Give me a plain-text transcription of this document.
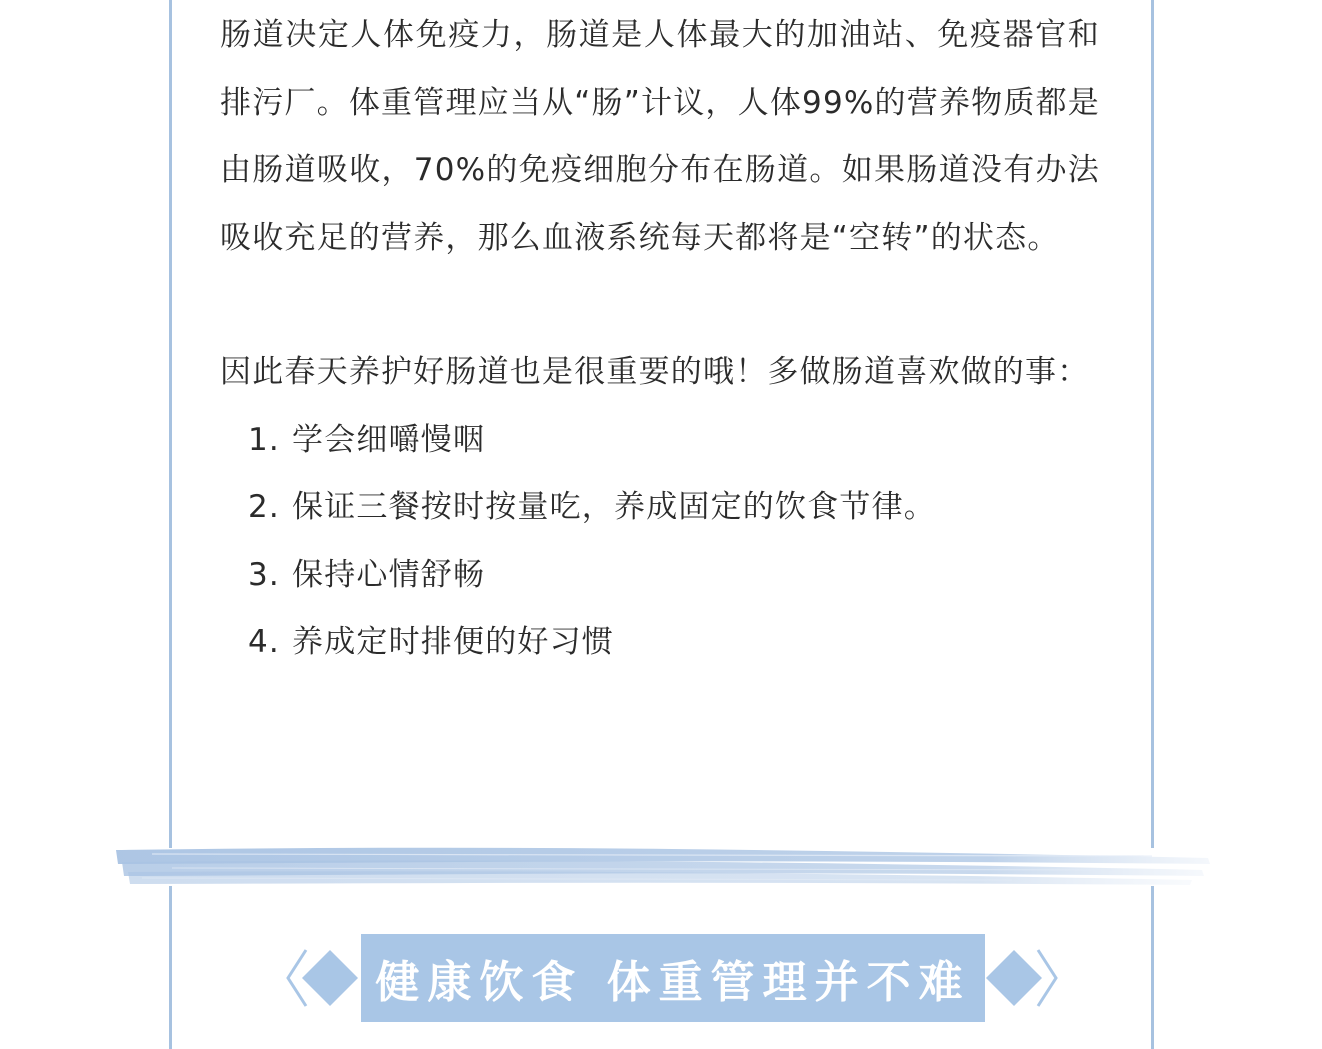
肠道决定人体免疫力，肠道是人体最大的加油站、免疫器官和排污厂。体重管理应当从“肠”计议，人体99%的营养物质都是由肠道吸收，70%的免疫细胞分布在肠道。如果肠道没有办法吸收充足的营养，那么血液系统每天都将是“空转”的状态。

因此春天养护好肠道也是很重要的哦！多做肠道喜欢做的事：

1. 学会细嚼慢咽
2. 保证三餐按时按量吃，养成固定的饮食节律。
3. 保持心情舒畅
4. 养成定时排便的好习惯
健康饮食 体重管理并不难
